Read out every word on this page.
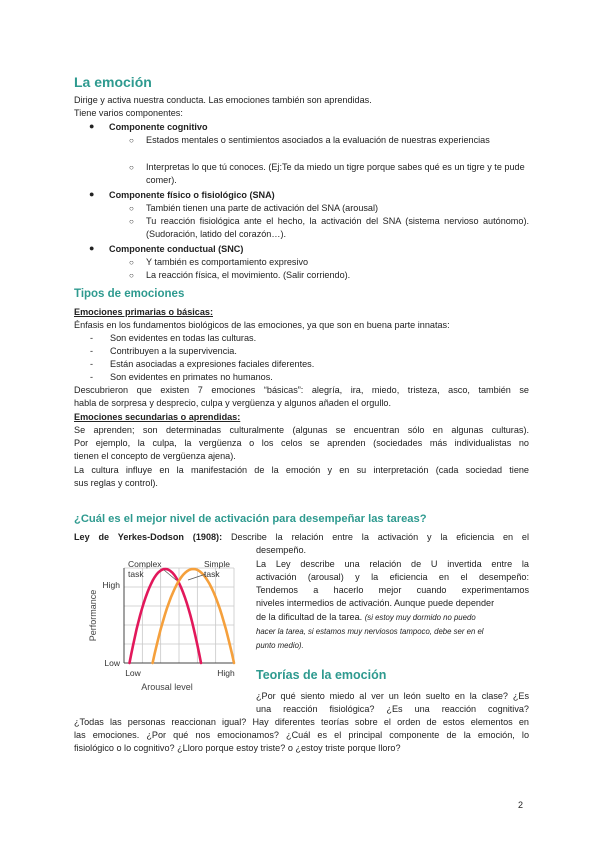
La emoción
Dirige y activa nuestra conducta. Las emociones también son aprendidas.
Tiene varios componentes:
● Componente cognitivo
○ Estados mentales o sentimientos asociados a la evaluación de nuestras experiencias
○ Interpretas lo que tú conoces. (Ej:Te da miedo un tigre porque sabes qué es un tigre y te pude comer).
● Componente físico o fisiológico (SNA)
○ También tienen una parte de activación del SNA (arousal)
○ Tu reacción fisiológica ante el hecho, la activación del SNA (sistema nervioso autónomo). (Sudoración, latido del corazón…).
● Componente conductual (SNC)
○ Y también es comportamiento expresivo
○ La reacción física, el movimiento. (Salir corriendo).
Tipos de emociones
Emociones primarias o básicas:
Énfasis en los fundamentos biológicos de las emociones, ya que son en buena parte innatas:
- Son evidentes en todas las culturas.
- Contribuyen a la supervivencia.
- Están asociadas a expresiones faciales diferentes.
- Son evidentes en primates no humanos.
Descubrieron que existen 7 emociones “básicas”: alegría, ira, miedo, tristeza, asco, también se
habla de sorpresa y desprecio, culpa y vergüenza y algunos añaden el orgullo.
Emociones secundarias o aprendidas:
Se aprenden; son determinadas culturalmente (algunas se encuentran sólo en algunas culturas).
Por ejemplo, la culpa, la vergüenza o los celos se aprenden (sociedades más individualistas no
tienen el concepto de vergüenza ajena).
La cultura influye en la manifestación de la emoción y en su interpretación (cada sociedad tiene
sus reglas y control).
¿Cuál es el mejor nivel de activación para desempeñar las tareas?
Ley de Yerkes-Dodson (1908): Describe la relación entre la activación y la eficiencia en el
desempeño.
La Ley describe una relación de U invertida entre la
activación (arousal) y la eficiencia en el desempeño:
Tendemos a hacerlo mejor cuando experimentamos
niveles intermedios de activación. Aunque puede depender
de la dificultad de la tarea. (si estoy muy dormido no puedo
hacer la tarea, si estamos muy nerviosos tampoco, debe ser en el
punto medio).
Teorías de la emoción
¿Por qué siento miedo al ver un león suelto en la clase? ¿Es
una reacción fisiológica? ¿Es una reacción cognitiva?
¿Todas las personas reaccionan igual? Hay diferentes teorías sobre el orden de estos elementos en
las emociones. ¿Por qué nos emocionamos? ¿Cuál es el principal componente de la emoción, lo
fisiológico o lo cognitivo? ¿Lloro porque estoy triste? o ¿estoy triste porque lloro?
High
Low
Low	High
Arousal level
Performance
Complex
task
Simple
task
2
